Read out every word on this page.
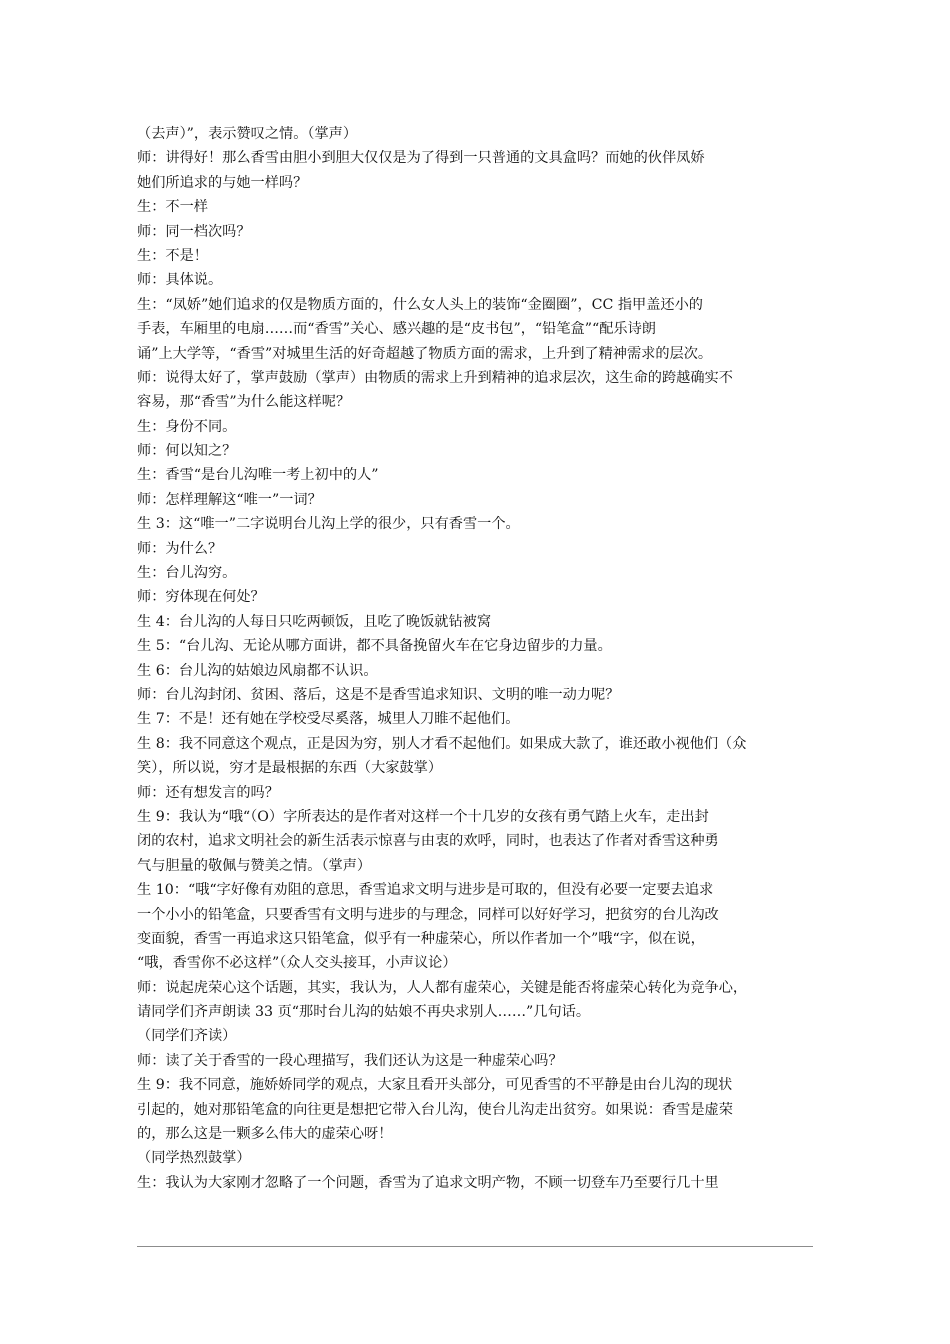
（去声）”，表示赞叹之情。（掌声）
师：讲得好！那么香雪由胆小到胆大仅仅是为了得到一只普通的文具盒吗？而她的伙伴凤娇
她们所追求的与她一样吗？
生：不一样
师：同一档次吗？
生：不是！
师：具体说。
生：“凤娇”她们追求的仅是物质方面的，什么女人头上的装饰“金圈圈”，CC 指甲盖还小的
手表，车厢里的电扇……而“香雪”关心、感兴趣的是“皮书包”，“铅笔盒”“配乐诗朗
诵”上大学等，“香雪”对城里生活的好奇超越了物质方面的需求，上升到了精神需求的层次。
师：说得太好了，掌声鼓励（掌声）由物质的需求上升到精神的追求层次，这生命的跨越确实不
容易，那“香雪”为什么能这样呢？
生：身份不同。
师：何以知之？
生：香雪“是台儿沟唯一考上初中的人”
师：怎样理解这“唯一”一词？
生 3：这“唯一”二字说明台儿沟上学的很少，只有香雪一个。
师：为什么？
生：台儿沟穷。
师：穷体现在何处？
生 4：台儿沟的人每日只吃两顿饭，且吃了晚饭就钻被窝
生 5：“台儿沟、无论从哪方面讲，都不具备挽留火车在它身边留步的力量。
生 6：台儿沟的姑娘边风扇都不认识。
师：台儿沟封闭、贫困、落后，这是不是香雪追求知识、文明的唯一动力呢？
生 7：不是！还有她在学校受尽奚落，城里人刀睢不起他们。
生 8：我不同意这个观点，正是因为穷，别人才看不起他们。如果成大款了，谁还敢小视他们（众
笑），所以说，穷才是最根据的东西（大家鼓掌）
师：还有想发言的吗？
生 9：我认为“哦“（O）字所表达的是作者对这样一个十几岁的女孩有勇气踏上火车，走出封
闭的农村，追求文明社会的新生活表示惊喜与由衷的欢呼，同时，也表达了作者对香雪这种勇
气与胆量的敬佩与赞美之情。（掌声）
生 10：“哦“字好像有劝阻的意思，香雪追求文明与进步是可取的，但没有必要一定要去追求
一个小小的铅笔盒，只要香雪有文明与进步的与理念，同样可以好好学习，把贫穷的台儿沟改
变面貌，香雪一再追求这只铅笔盒，似乎有一种虚荣心，所以作者加一个”哦“字，似在说，
“哦，香雪你不必这样”（众人交头接耳，小声议论）
师：说起虎荣心这个话题，其实，我认为，人人都有虚荣心，关键是能否将虚荣心转化为竞争心，
请同学们齐声朗读 33 页“那时台儿沟的姑娘不再央求别人……”几句话。
（同学们齐读）
师：读了关于香雪的一段心理描写，我们还认为这是一种虚荣心吗？
生 9：我不同意，施娇娇同学的观点，大家且看开头部分，可见香雪的不平静是由台儿沟的现状
引起的，她对那铅笔盒的向往更是想把它带入台儿沟，使台儿沟走出贫穷。如果说：香雪是虚荣
的，那么这是一颗多么伟大的虚荣心呀！
（同学热烈鼓掌）
生：我认为大家刚才忽略了一个问题，香雪为了追求文明产物，不顾一切登车乃至要行几十里
